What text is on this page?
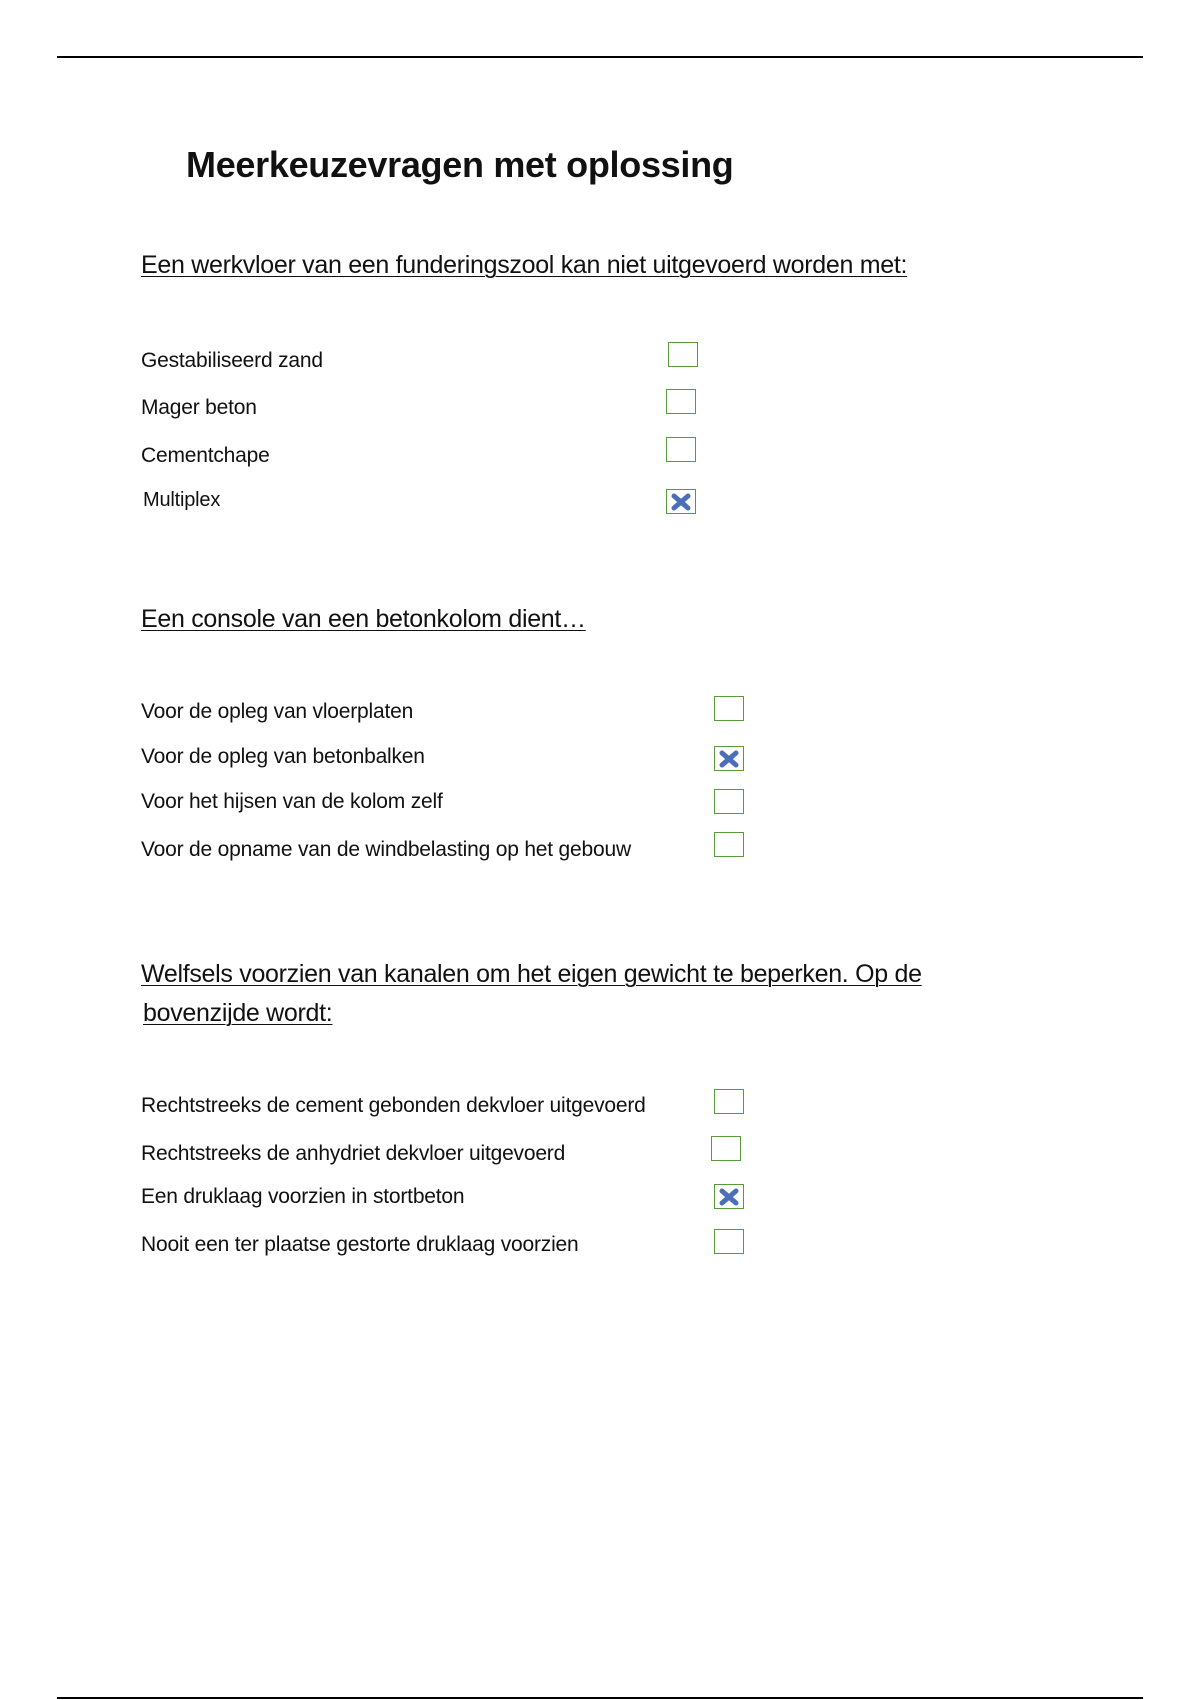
Meerkeuzevragen met oplossing
Een werkvloer van een funderingszool kan niet uitgevoerd worden met:
Gestabiliseerd zand
Mager beton
Cementchape
Multiplex
Een console van een betonkolom dient…
Voor de opleg van vloerplaten
Voor de opleg van betonbalken
Voor het hijsen van de kolom zelf
Voor de opname van de windbelasting op het gebouw
Welfsels voorzien van kanalen om het eigen gewicht te beperken. Op de
bovenzijde wordt:
Rechtstreeks de cement gebonden dekvloer uitgevoerd
Rechtstreeks de anhydriet dekvloer uitgevoerd
Een druklaag voorzien in stortbeton
Nooit een ter plaatse gestorte druklaag voorzien
